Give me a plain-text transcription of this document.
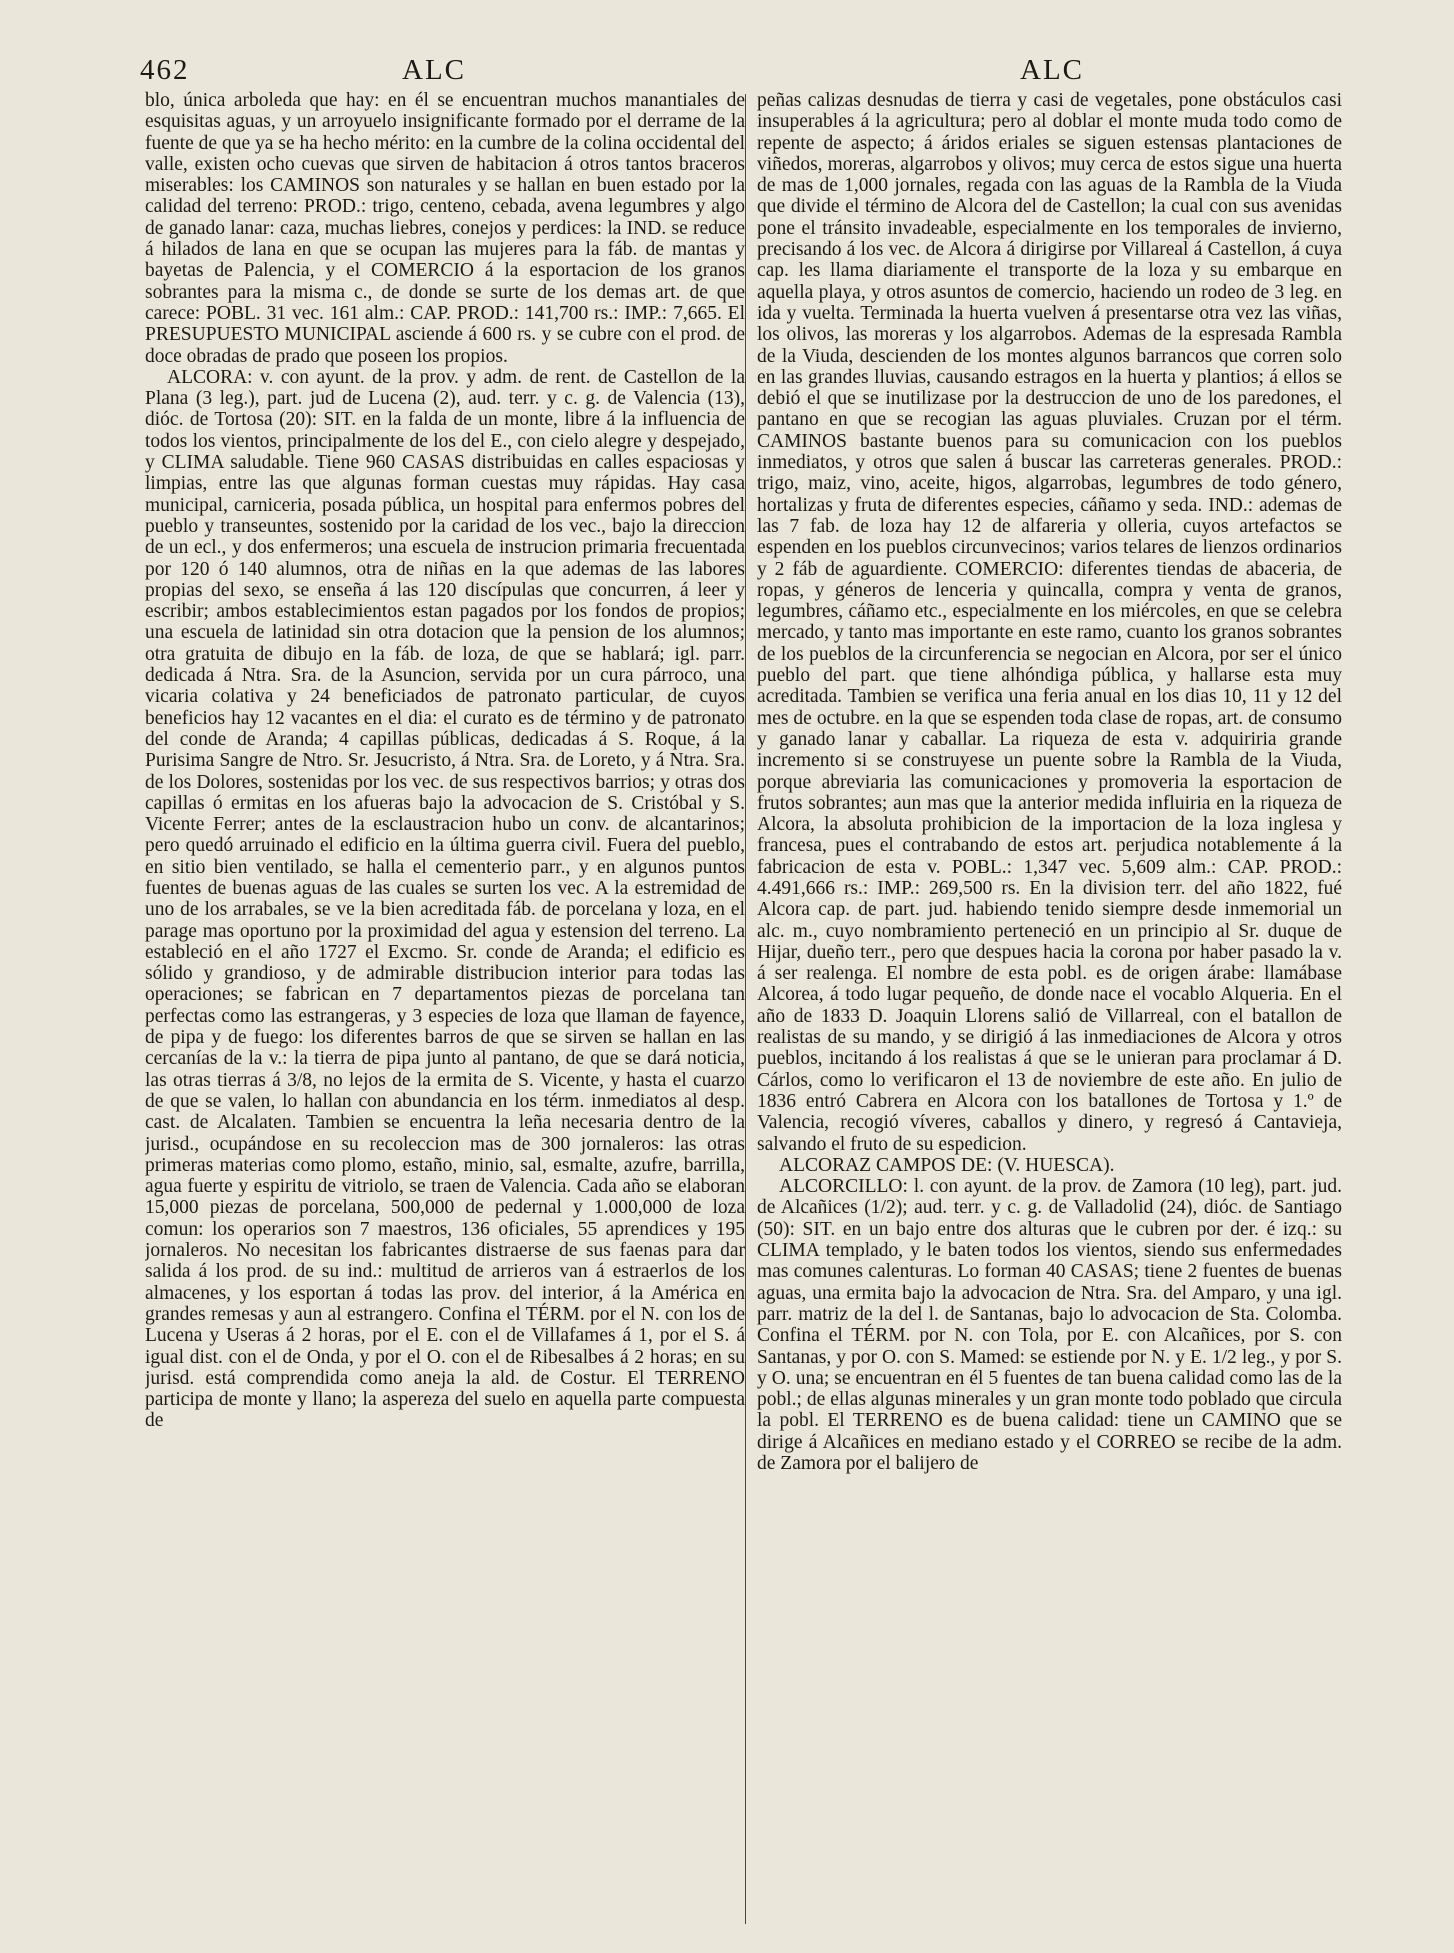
462	ALC	ALC

blo, única arboleda que hay: en él se encuentran muchos manantiales de esquisitas aguas, y un arroyuelo insignificante formado por el derrame de la fuente de que ya se ha hecho mérito: en la cumbre de la colina occidental del valle, existen ocho cuevas que sirven de habitacion á otros tantos braceros miserables: los CAMINOS son naturales y se hallan en buen estado por la calidad del terreno: PROD.: trigo, centeno, cebada, avena legumbres y algo de ganado lanar: caza, muchas liebres, conejos y perdices: la IND. se reduce á hilados de lana en que se ocupan las mujeres para la fáb. de mantas y bayetas de Palencia, y el COMERCIO á la esportacion de los granos sobrantes para la misma c., de donde se surte de los demas art. de que carece: POBL. 31 vec. 161 alm.: CAP. PROD.: 141,700 rs.: IMP.: 7,665. El PRESUPUESTO MUNICIPAL asciende á 600 rs. y se cubre con el prod. de doce obradas de prado que poseen los propios.

ALCORA: v. con ayunt. de la prov. y adm. de rent. de Castellon de la Plana (3 leg.), part. jud de Lucena (2), aud. terr. y c. g. de Valencia (13), dióc. de Tortosa (20): SIT. en la falda de un monte, libre á la influencia de todos los vientos, principalmente de los del E., con cielo alegre y despejado, y CLIMA saludable. Tiene 960 CASAS distribuidas en calles espaciosas y limpias, entre las que algunas forman cuestas muy rápidas. Hay casa municipal, carniceria, posada pública, un hospital para enfermos pobres del pueblo y transeuntes, sostenido por la caridad de los vec., bajo la direccion de un ecl., y dos enfermeros; una escuela de instrucion primaria frecuentada por 120 ó 140 alumnos, otra de niñas en la que ademas de las labores propias del sexo, se enseña á las 120 discípulas que concurren, á leer y escribir; ambos establecimientos estan pagados por los fondos de propios; una escuela de latinidad sin otra dotacion que la pension de los alumnos; otra gratuita de dibujo en la fáb. de loza, de que se hablará; igl. parr. dedicada á Ntra. Sra. de la Asuncion, servida por un cura párroco, una vicaria colativa y 24 beneficiados de patronato particular, de cuyos beneficios hay 12 vacantes en el dia: el curato es de término y de patronato del conde de Aranda; 4 capillas públicas, dedicadas á S. Roque, á la Purisima Sangre de Ntro. Sr. Jesucristo, á Ntra. Sra. de Loreto, y á Ntra. Sra. de los Dolores, sostenidas por los vec. de sus respectivos barrios; y otras dos capillas ó ermitas en los afueras bajo la advocacion de S. Cristóbal y S. Vicente Ferrer; antes de la esclaustracion hubo un conv. de alcantarinos; pero quedó arruinado el edificio en la última guerra civil. Fuera del pueblo, en sitio bien ventilado, se halla el cementerio parr., y en algunos puntos fuentes de buenas aguas de las cuales se surten los vec. A la estremidad de uno de los arrabales, se ve la bien acreditada fáb. de porcelana y loza, en el parage mas oportuno por la proximidad del agua y estension del terreno. La estableció en el año 1727 el Excmo. Sr. conde de Aranda; el edificio es sólido y grandioso, y de admirable distribucion interior para todas las operaciones; se fabrican en 7 departamentos piezas de porcelana tan perfectas como las estrangeras, y 3 especies de loza que llaman de fayence, de pipa y de fuego: los diferentes barros de que se sirven se hallan en las cercanías de la v.: la tierra de pipa junto al pantano, de que se dará noticia, las otras tierras á 3/8, no lejos de la ermita de S. Vicente, y hasta el cuarzo de que se valen, lo hallan con abundancia en los térm. inmediatos al desp. cast. de Alcalaten. Tambien se encuentra la leña necesaria dentro de la jurisd., ocupándose en su recoleccion mas de 300 jornaleros: las otras primeras materias como plomo, estaño, minio, sal, esmalte, azufre, barrilla, agua fuerte y espiritu de vitriolo, se traen de Valencia. Cada año se elaboran 15,000 piezas de porcelana, 500,000 de pedernal y 1.000,000 de loza comun: los operarios son 7 maestros, 136 oficiales, 55 aprendices y 195 jornaleros. No necesitan los fabricantes distraerse de sus faenas para dar salida á los prod. de su ind.: multitud de arrieros van á estraerlos de los almacenes, y los esportan á todas las prov. del interior, á la América en grandes remesas y aun al estrangero. Confina el TÉRM. por el N. con los de Lucena y Useras á 2 horas, por el E. con el de Villafames á 1, por el S. á igual dist. con el de Onda, y por el O. con el de Ribesalbes á 2 horas; en su jurisd. está comprendida como aneja la ald. de Costur. El TERRENO participa de monte y llano; la aspereza del suelo en aquella parte compuesta de

peñas calizas desnudas de tierra y casi de vegetales, pone obstáculos casi insuperables á la agricultura; pero al doblar el monte muda todo como de repente de aspecto; á áridos eriales se siguen estensas plantaciones de viñedos, moreras, algarrobos y olivos; muy cerca de estos sigue una huerta de mas de 1,000 jornales, regada con las aguas de la Rambla de la Viuda que divide el término de Alcora del de Castellon; la cual con sus avenidas pone el tránsito invadeable, especialmente en los temporales de invierno, precisando á los vec. de Alcora á dirigirse por Villareal á Castellon, á cuya cap. les llama diariamente el transporte de la loza y su embarque en aquella playa, y otros asuntos de comercio, haciendo un rodeo de 3 leg. en ida y vuelta. Terminada la huerta vuelven á presentarse otra vez las viñas, los olivos, las moreras y los algarrobos. Ademas de la espresada Rambla de la Viuda, descienden de los montes algunos barrancos que corren solo en las grandes lluvias, causando estragos en la huerta y plantios; á ellos se debió el que se inutilizase por la destruccion de uno de los paredones, el pantano en que se recogian las aguas pluviales. Cruzan por el térm. CAMINOS bastante buenos para su comunicacion con los pueblos inmediatos, y otros que salen á buscar las carreteras generales. PROD.: trigo, maiz, vino, aceite, higos, algarrobas, legumbres de todo género, hortalizas y fruta de diferentes especies, cáñamo y seda. IND.: ademas de las 7 fab. de loza hay 12 de alfareria y olleria, cuyos artefactos se espenden en los pueblos circunvecinos; varios telares de lienzos ordinarios y 2 fáb de aguardiente. COMERCIO: diferentes tiendas de abaceria, de ropas, y géneros de lenceria y quincalla, compra y venta de granos, legumbres, cáñamo etc., especialmente en los miércoles, en que se celebra mercado, y tanto mas importante en este ramo, cuanto los granos sobrantes de los pueblos de la circunferencia se negocian en Alcora, por ser el único pueblo del part. que tiene alhóndiga pública, y hallarse esta muy acreditada. Tambien se verifica una feria anual en los dias 10, 11 y 12 del mes de octubre. en la que se espenden toda clase de ropas, art. de consumo y ganado lanar y caballar. La riqueza de esta v. adquiriria grande incremento si se construyese un puente sobre la Rambla de la Viuda, porque abreviaria las comunicaciones y promoveria la esportacion de frutos sobrantes; aun mas que la anterior medida influiria en la riqueza de Alcora, la absoluta prohibicion de la importacion de la loza inglesa y francesa, pues el contrabando de estos art. perjudica notablemente á la fabricacion de esta v. POBL.: 1,347 vec. 5,609 alm.: CAP. PROD.: 4.491,666 rs.: IMP.: 269,500 rs. En la division terr. del año 1822, fué Alcora cap. de part. jud. habiendo tenido siempre desde inmemorial un alc. m., cuyo nombramiento perteneció en un principio al Sr. duque de Hijar, dueño terr., pero que despues hacia la corona por haber pasado la v. á ser realenga. El nombre de esta pobl. es de origen árabe: llamábase Alcorea, á todo lugar pequeño, de donde nace el vocablo Alqueria. En el año de 1833 D. Joaquin Llorens salió de Villarreal, con el batallon de realistas de su mando, y se dirigió á las inmediaciones de Alcora y otros pueblos, incitando á los realistas á que se le unieran para proclamar á D. Cárlos, como lo verificaron el 13 de noviembre de este año. En julio de 1836 entró Cabrera en Alcora con los batallones de Tortosa y 1.º de Valencia, recogió víveres, caballos y dinero, y regresó á Cantavieja, salvando el fruto de su espedicion.

ALCORAZ CAMPOS DE: (V. HUESCA).

ALCORCILLO: l. con ayunt. de la prov. de Zamora (10 leg), part. jud. de Alcañices (1/2); aud. terr. y c. g. de Valladolid (24), dióc. de Santiago (50): SIT. en un bajo entre dos alturas que le cubren por der. é izq.: su CLIMA templado, y le baten todos los vientos, siendo sus enfermedades mas comunes calenturas. Lo forman 40 CASAS; tiene 2 fuentes de buenas aguas, una ermita bajo la advocacion de Ntra. Sra. del Amparo, y una igl. parr. matriz de la del l. de Santanas, bajo lo advocacion de Sta. Colomba. Confina el TÉRM. por N. con Tola, por E. con Alcañices, por S. con Santanas, y por O. con S. Mamed: se estiende por N. y E. 1/2 leg., y por S. y O. una; se encuentran en él 5 fuentes de tan buena calidad como las de la pobl.; de ellas algunas minerales y un gran monte todo poblado que circula la pobl. El TERRENO es de buena calidad: tiene un CAMINO que se dirige á Alcañices en mediano estado y el CORREO se recibe de la adm. de Zamora por el balijero de
